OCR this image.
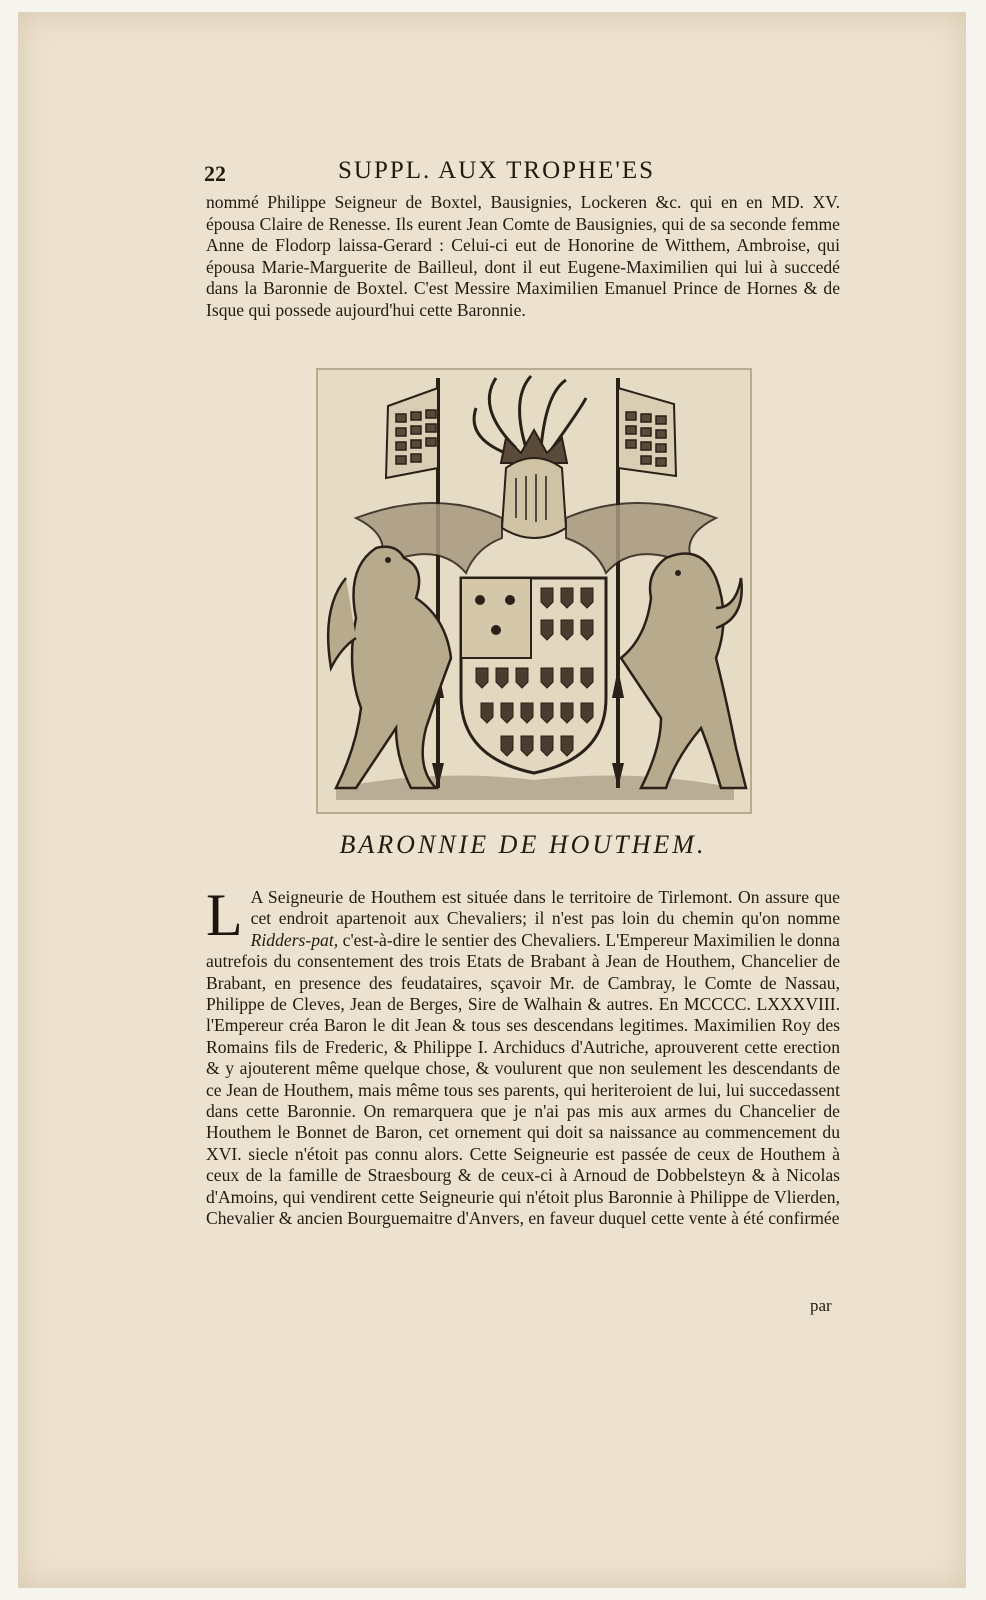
22	SUPPL. AUX TROPHE'ES
nommé Philippe Seigneur de Boxtel, Bausignies, Lockeren &c. qui en en MD. XV. épousa Claire de Renesse. Ils eurent Jean Comte de Bausignies, qui de sa seconde femme Anne de Flodorp laissa-Gerard : Celui-ci eut de Honorine de Witthem, Ambroise, qui épousa Marie-Marguerite de Bailleul, dont il eut Eugene-Maximilien qui lui à succedé dans la Baronnie de Boxtel. C'est Messire Maximilien Emanuel Prince de Hornes & de Isque qui possede aujourd'hui cette Baronnie.
BARONNIE DE HOUTHEM.
L A Seigneurie de Houthem est située dans le territoire de Tirlemont. On assure que cet endroit apartenoit aux Chevaliers; il n'est pas loin du chemin qu'on nomme Ridders-pat, c'est-à-dire le sentier des Chevaliers. L'Empereur Maximilien le donna autrefois du consentement des trois Etats de Brabant à Jean de Houthem, Chancelier de Brabant, en presence des feudataires, sçavoir Mr. de Cambray, le Comte de Nassau, Philippe de Cleves, Jean de Berges, Sire de Walhain & autres. En MCCCC. LXXXVIII. l'Empereur créa Baron le dit Jean & tous ses descendans legitimes. Maximilien Roy des Romains fils de Frederic, & Philippe I. Archiducs d'Autriche, aprouverent cette erection & y ajouterent même quelque chose, & voulurent que non seulement les descendants de ce Jean de Houthem, mais même tous ses parents, qui heriteroient de lui, lui succedassent dans cette Baronnie. On remarquera que je n'ai pas mis aux armes du Chancelier de Houthem le Bonnet de Baron, cet ornement qui doit sa naissance au commencement du XVI. siecle n'étoit pas connu alors. Cette Seigneurie est passée de ceux de Houthem à ceux de la famille de Straesbourg & de ceux-ci à Arnoud de Dobbelsteyn & à Nicolas d'Amoins, qui vendirent cette Seigneurie qui n'étoit plus Baronnie à Philippe de Vlierden, Chevalier & ancien Bourguemaitre d'Anvers, en faveur duquel cette vente à été confirmée
par
